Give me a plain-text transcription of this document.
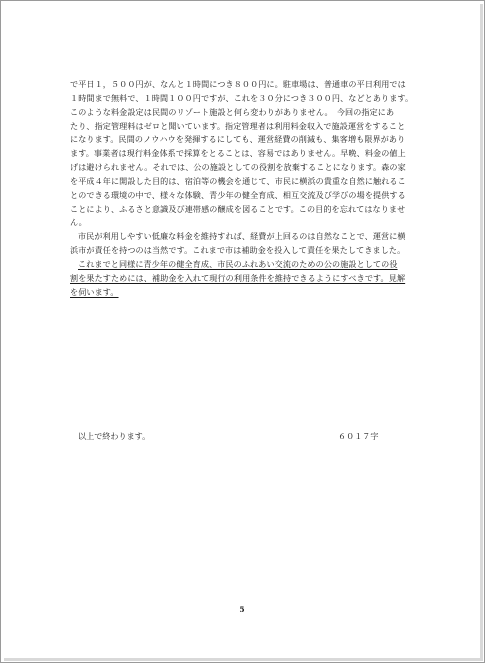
で平日１，５００円が、なんと１時間につき８００円に。駐車場は、普通車の平日利用では
１時間まで無料で、１時間１００円ですが、これを３０分につき３００円、などとあります。
このような料金設定は民間のリゾート施設と何ら変わりがありません。　今回の指定にあ
たり、指定管理料はゼロと聞いています。指定管理者は利用料金収入で施設運営をすること
になります。民間のノウハウを発揮するにしても、運営経費の削減も、集客増も限界があり
ます。事業者は現行料金体系で採算をとることは、容易ではありません。早晩、料金の値上
げは避けられません。それでは、公の施設としての役割を放棄することになります。森の家
を平成４年に開設した目的は、宿泊等の機会を通じて、市民に横浜の貴重な自然に触れるこ
とのできる環境の中で、様々な体験、青少年の健全育成、相互交流及び学びの場を提供する
ことにより、ふるさと意識及び連帯感の醸成を図ることです。この目的を忘れてはなりませ
ん。
市民が利用しやすい低廉な料金を維持すれば、経費が上回るのは自然なことで、運営に横
浜市が責任を持つのは当然です。これまで市は補助金を投入して責任を果たしてきました。
これまでと同様に青少年の健全育成、市民のふれあい交流のための公の施設としての役
割を果たすためには、補助金を入れて現行の利用条件を維持できるようにすべきです。見解
を伺います。
以上で終わります。	６０１７字
5
